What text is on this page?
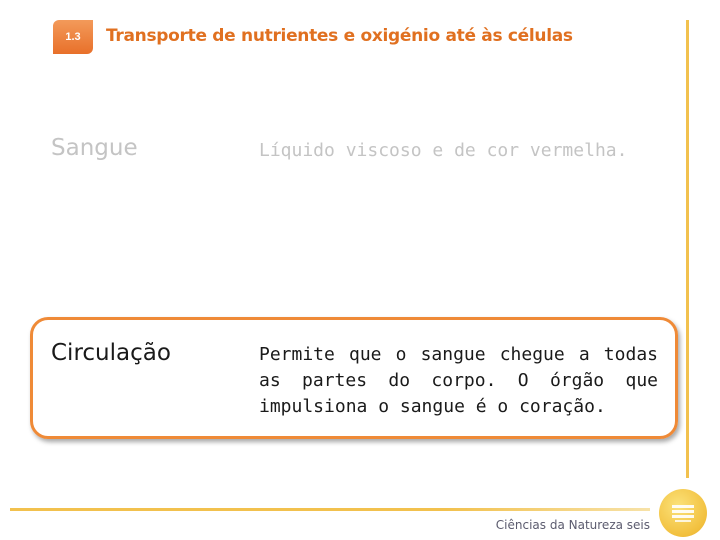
1.3 Transporte de nutrientes e oxigénio até às células
Sangue	Líquido viscoso e de cor vermelha.
Circulação	Permite que o sangue chegue a todas as partes do corpo. O órgão que impulsiona o sangue é o coração.
Ciências da Natureza seis
